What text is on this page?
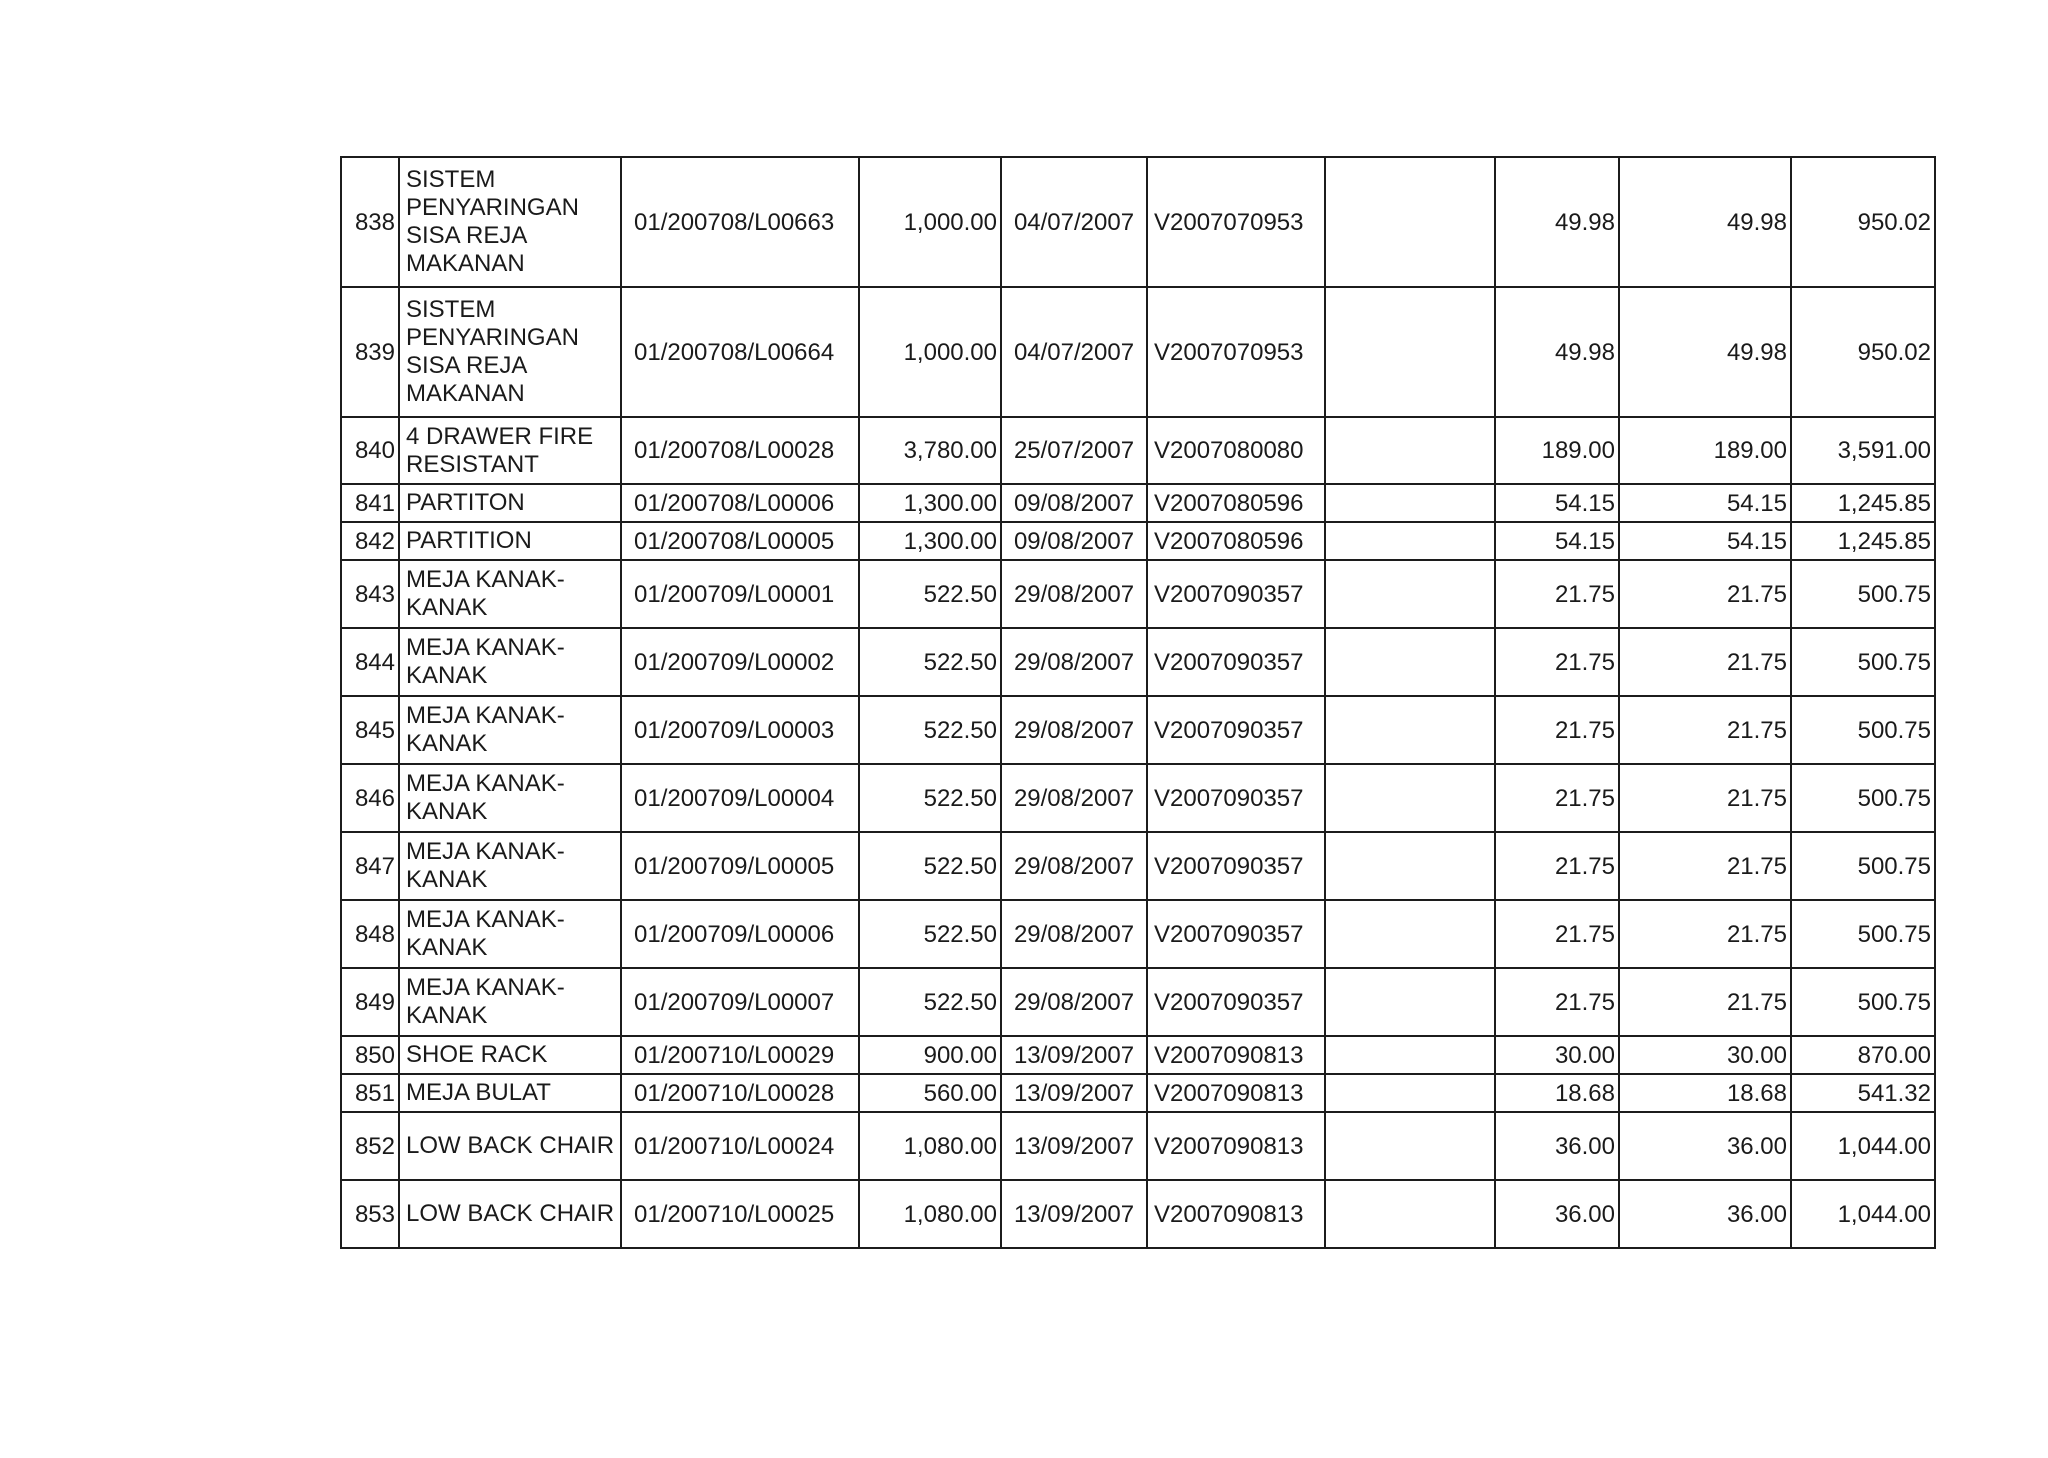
838	SISTEM PENYARINGAN SISA REJA MAKANAN	01/200708/L00663	1,000.00	04/07/2007	V2007070953		49.98	49.98	950.02
839	SISTEM PENYARINGAN SISA REJA MAKANAN	01/200708/L00664	1,000.00	04/07/2007	V2007070953		49.98	49.98	950.02
840	4 DRAWER FIRE RESISTANT	01/200708/L00028	3,780.00	25/07/2007	V2007080080		189.00	189.00	3,591.00
841	PARTITON	01/200708/L00006	1,300.00	09/08/2007	V2007080596		54.15	54.15	1,245.85
842	PARTITION	01/200708/L00005	1,300.00	09/08/2007	V2007080596		54.15	54.15	1,245.85
843	MEJA KANAK-KANAK	01/200709/L00001	522.50	29/08/2007	V2007090357		21.75	21.75	500.75
844	MEJA KANAK-KANAK	01/200709/L00002	522.50	29/08/2007	V2007090357		21.75	21.75	500.75
845	MEJA KANAK-KANAK	01/200709/L00003	522.50	29/08/2007	V2007090357		21.75	21.75	500.75
846	MEJA KANAK-KANAK	01/200709/L00004	522.50	29/08/2007	V2007090357		21.75	21.75	500.75
847	MEJA KANAK-KANAK	01/200709/L00005	522.50	29/08/2007	V2007090357		21.75	21.75	500.75
848	MEJA KANAK-KANAK	01/200709/L00006	522.50	29/08/2007	V2007090357		21.75	21.75	500.75
849	MEJA KANAK-KANAK	01/200709/L00007	522.50	29/08/2007	V2007090357		21.75	21.75	500.75
850	SHOE RACK	01/200710/L00029	900.00	13/09/2007	V2007090813		30.00	30.00	870.00
851	MEJA BULAT	01/200710/L00028	560.00	13/09/2007	V2007090813		18.68	18.68	541.32
852	LOW BACK CHAIR	01/200710/L00024	1,080.00	13/09/2007	V2007090813		36.00	36.00	1,044.00
853	LOW BACK CHAIR	01/200710/L00025	1,080.00	13/09/2007	V2007090813		36.00	36.00	1,044.00
